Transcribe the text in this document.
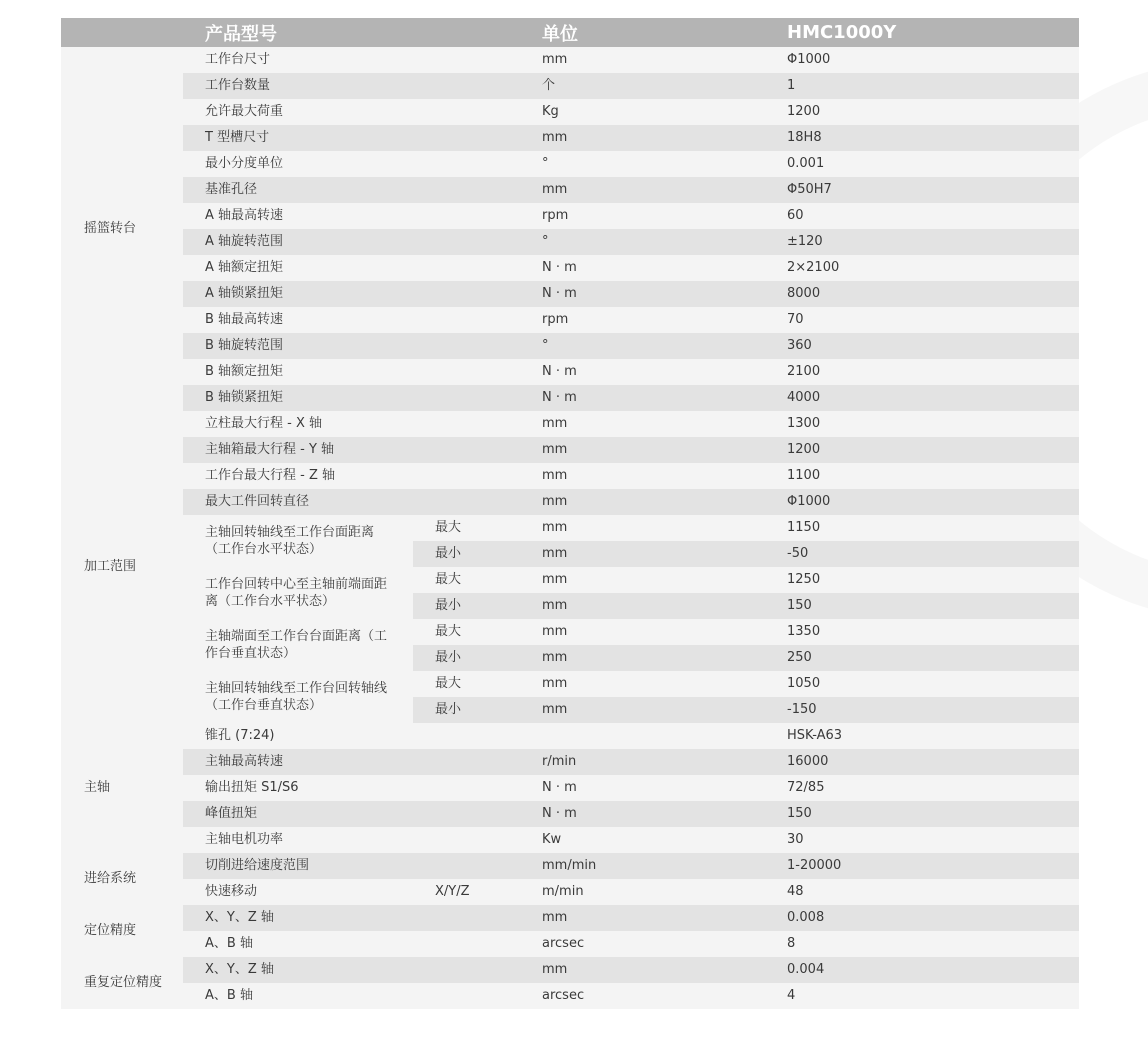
	产品型号		单位	HMC1000Y
摇篮转台	工作台尺寸		mm	Φ1000
	工作台数量		个	1
	允许最大荷重		Kg	1200
	T 型槽尺寸		mm	18H8
	最小分度单位		°	0.001
	基准孔径		mm	Φ50H7
	A 轴最高转速		rpm	60
	A 轴旋转范围		°	±120
	A 轴额定扭矩		N · m	2×2100
	A 轴锁紧扭矩		N · m	8000
	B 轴最高转速		rpm	70
	B 轴旋转范围		°	360
	B 轴额定扭矩		N · m	2100
	B 轴锁紧扭矩		N · m	4000
加工范围	立柱最大行程 - X 轴		mm	1300
	主轴箱最大行程 - Y 轴		mm	1200
	工作台最大行程 - Z 轴		mm	1100
	最大工件回转直径		mm	Φ1000

	主轴回转轴线至工作台面距离（工作台水平状态）	最大	mm	1150
		最小	mm	-50

	工作台回转中心至主轴前端面距离（工作台水平状态）	最大	mm	1250
		最小	mm	150

	主轴端面至工作台台面距离（工作台垂直状态）	最大	mm	1350
		最小	mm	250

	主轴回转轴线至工作台回转轴线（工作台垂直状态）	最大	mm	1050
		最小	mm	-150
主轴	锥孔 (7:24)			HSK-A63
	主轴最高转速		r/min	16000
	输出扭矩 S1/S6		N · m	72/85
	峰值扭矩		N · m	150
	主轴电机功率		Kw	30
进给系统	切削进给速度范围		mm/min	1-20000
	快速移动	X/Y/Z	m/min	48
定位精度	X、Y、Z 轴		mm	0.008
	A、B 轴		arcsec	8
重复定位精度	X、Y、Z 轴		mm	0.004
	A、B 轴		arcsec	4
